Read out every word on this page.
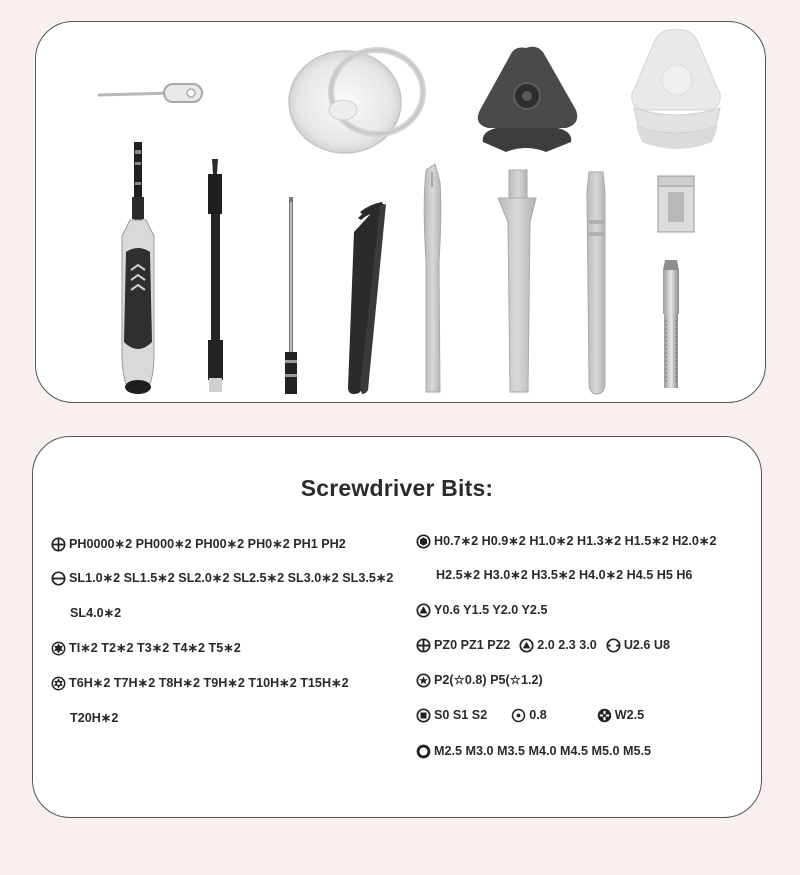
Screwdriver Bits:
PH0000∗2 PH000∗2 PH00∗2 PH0∗2 PH1 PH2
SL1.0∗2 SL1.5∗2 SL2.0∗2 SL2.5∗2 SL3.0∗2 SL3.5∗2
SL4.0∗2
TI∗2 T2∗2 T3∗2 T4∗2 T5∗2
T6H∗2 T7H∗2 T8H∗2 T9H∗2 T10H∗2 T15H∗2
T20H∗2
H0.7∗2 H0.9∗2 H1.0∗2 H1.3∗2 H1.5∗2 H2.0∗2
H2.5∗2 H3.0∗2 H3.5∗2 H4.0∗2 H4.5 H5 H6
Y0.6 Y1.5 Y2.0 Y2.5
PZ0 PZ1 PZ2 2.0 2.3 3.0 U2.6 U8
P2(☆0.8) P5(☆1.2)
S0 S1 S2	0.8	W2.5
M2.5 M3.0 M3.5 M4.0 M4.5 M5.0 M5.5
